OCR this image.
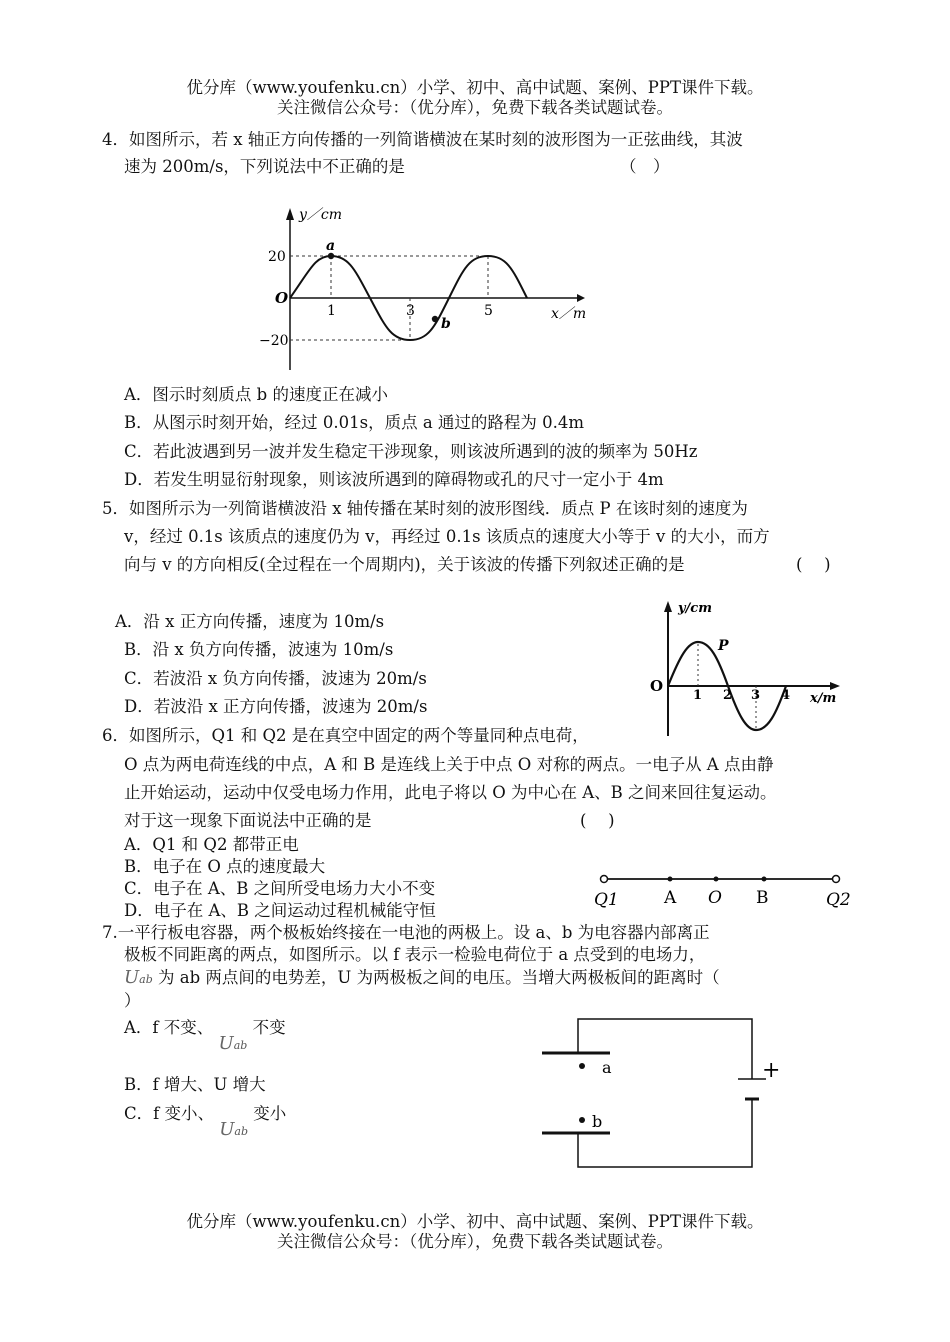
优分库（www.youfenku.cn）小学、初中、高中试题、案例、PPT课件下载。
关注微信公众号：（优分库），免费下载各类试题试卷。
4．如图所示，若 x 轴正方向传播的一列简谐横波在某时刻的波形图为一正弦曲线，其波
速为 200m/s，下列说法中不正确的是	（　）
a
b
y／cm
x／m
O
20
−20
1	3	5
A．图示时刻质点 b 的速度正在减小
B．从图示时刻开始，经过 0.01s，质点 a 通过的路程为 0.4m
C．若此波遇到另一波并发生稳定干涉现象，则该波所遇到的波的频率为 50Hz
D．若发生明显衍射现象，则该波所遇到的障碍物或孔的尺寸一定小于 4m
5．如图所示为一列简谐横波沿 x 轴传播在某时刻的波形图线．质点 P 在该时刻的速度为
v，经过 0.1s 该质点的速度仍为 v，再经过 0.1s 该质点的速度大小等于 v 的大小，而方
向与 v 的方向相反(全过程在一个周期内)，关于该波的传播下列叙述正确的是	(　 )
A．沿 x 正方向传播，速度为 10m/s
B．沿 x 负方向传播，波速为 10m/s
C．若波沿 x 负方向传播，波速为 20m/s
D．若波沿 x 正方向传播，波速为 20m/s
y/cm
x/m
O
P
1 2 3 4
6．如图所示，Q1 和 Q2 是在真空中固定的两个等量同种点电荷，
O 点为两电荷连线的中点，A 和 B 是连线上关于中点 O 对称的两点。一电子从 A 点由静
止开始运动，运动中仅受电场力作用，此电子将以 O 为中心在 A、B 之间来回往复运动。
对于这一现象下面说法中正确的是	(　 )
A．Q1 和 Q2 都带正电
B．电子在 O 点的速度最大
C．电子在 A、B 之间所受电场力大小不变
D．电子在 A、B 之间运动过程机械能守恒
Q1	A O B	Q2
7.一平行板电容器，两个极板始终接在一电池的两极上。设 a、b 为电容器内部离正
极板不同距离的两点，如图所示。以 f 表示一检验电荷位于 a 点受到的电场力，
Uab 为 ab 两点间的电势差，U 为两极板之间的电压。当增大两极板间的距离时（
）
A．f 不变、 Uab 不变
B．f 增大、U 增大
C．f 变小、 Uab 变小
+
a
b
优分库（www.youfenku.cn）小学、初中、高中试题、案例、PPT课件下载。
关注微信公众号：（优分库），免费下载各类试题试卷。
